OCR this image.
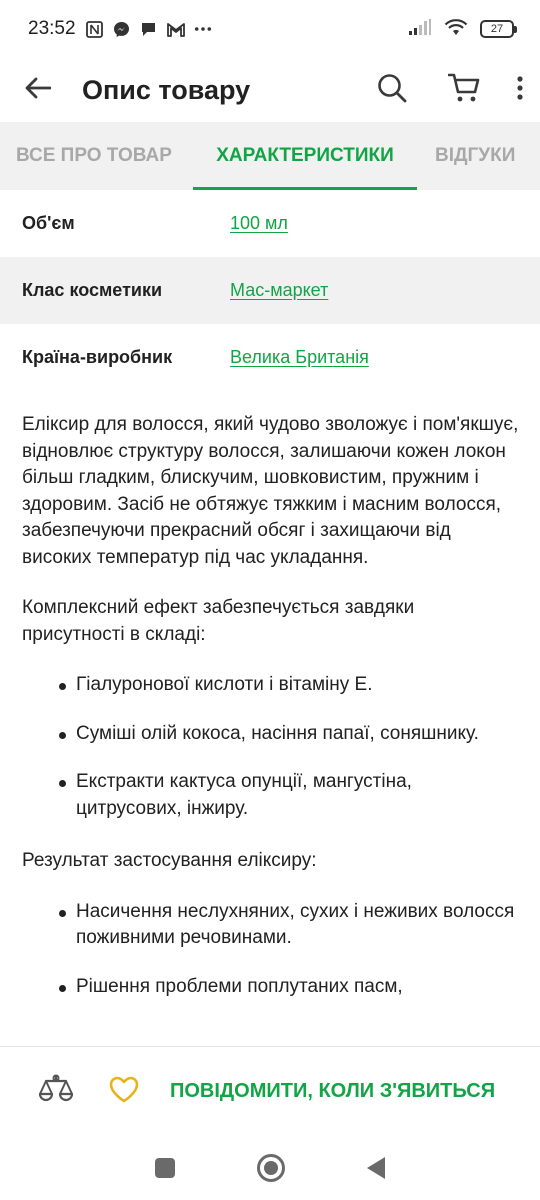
23:52	27
Опис товару
ВСЕ ПРО ТОВАР	ХАРАКТЕРИСТИКИ	ВІДГУКИ
Об'єм	100 мл
Клас косметики	Мас-маркет
Країна-виробник	Велика Британія

Еліксир для волосся, який чудово зволожує і пом'якшує, відновлює структуру волосся, залишаючи кожен локон більш гладким, блискучим, шовковистим, пружним і здоровим. Засіб не обтяжує тяжким і масним волосся, забезпечуючи прекрасний обсяг і захищаючи від високих температур під час укладання.

Комплексний ефект забезпечується завдяки присутності в складі:

Гіалуронової кислоти і вітаміну Е.
Суміші олій кокоса, насіння папаї, соняшнику.
Екстракти кактуса опунції, мангустіна, цитрусових, інжиру.

Результат застосування еліксиру:

Насичення неслухняних, сухих і неживих волосся поживними речовинами.
Рішення проблеми поплутаних пасм,
ПОВІДОМИТИ, КОЛИ З'ЯВИТЬСЯ
